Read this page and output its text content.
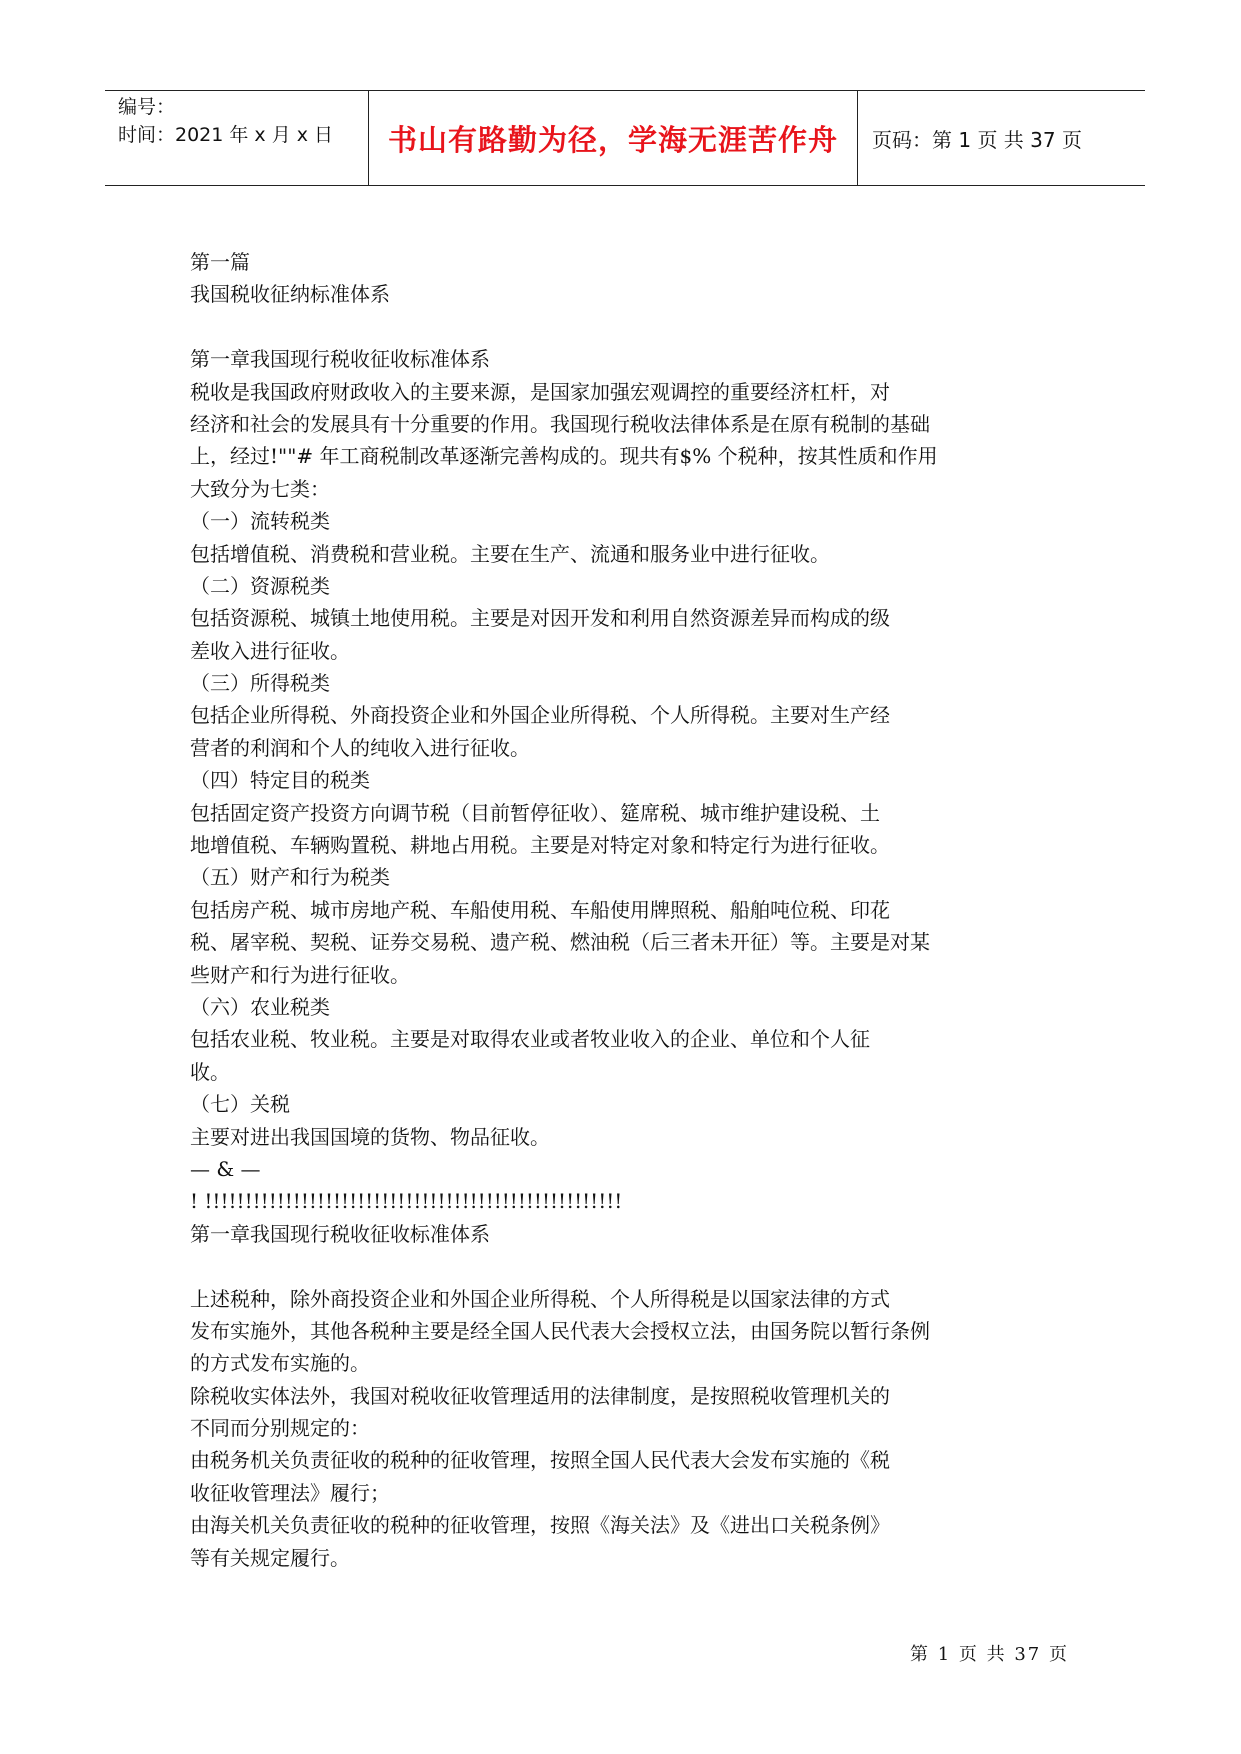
编号：
时间：2021 年 x 月 x 日	书山有路勤为径，学海无涯苦作舟 页码：第 1 页 共 37 页
第一篇
我国税收征纳标准体系
第一章我国现行税收征收标准体系
税收是我国政府财政收入的主要来源，是国家加强宏观调控的重要经济杠杆，对
经济和社会的发展具有十分重要的作用。我国现行税收法律体系是在原有税制的基础
上，经过!""# 年工商税制改革逐渐完善构成的。现共有$% 个税种，按其性质和作用
大致分为七类：
（一）流转税类
包括增值税、消费税和营业税。主要在生产、流通和服务业中进行征收。
（二）资源税类
包括资源税、城镇土地使用税。主要是对因开发和利用自然资源差异而构成的级
差收入进行征收。
（三）所得税类
包括企业所得税、外商投资企业和外国企业所得税、个人所得税。主要对生产经
营者的利润和个人的纯收入进行征收。
（四）特定目的税类
包括固定资产投资方向调节税（目前暂停征收）、筵席税、城市维护建设税、土
地增值税、车辆购置税、耕地占用税。主要是对特定对象和特定行为进行征收。
（五）财产和行为税类
包括房产税、城市房地产税、车船使用税、车船使用牌照税、船舶吨位税、印花
税、屠宰税、契税、证券交易税、遗产税、燃油税（后三者未开征）等。主要是对某
些财产和行为进行征收。
（六）农业税类
包括农业税、牧业税。主要是对取得农业或者牧业收入的企业、单位和个人征
收。
（七）关税
主要对进出我国国境的货物、物品征收。
— & —
! !!!!!!!!!!!!!!!!!!!!!!!!!!!!!!!!!!!!!!!!!!!!!!!!!!!!
第一章我国现行税收征收标准体系
上述税种，除外商投资企业和外国企业所得税、个人所得税是以国家法律的方式
发布实施外，其他各税种主要是经全国人民代表大会授权立法，由国务院以暂行条例
的方式发布实施的。
除税收实体法外，我国对税收征收管理适用的法律制度，是按照税收管理机关的
不同而分别规定的：
由税务机关负责征收的税种的征收管理，按照全国人民代表大会发布实施的《税
收征收管理法》履行；
由海关机关负责征收的税种的征收管理，按照《海关法》及《进出口关税条例》
等有关规定履行。
第 1 页 共 37 页
